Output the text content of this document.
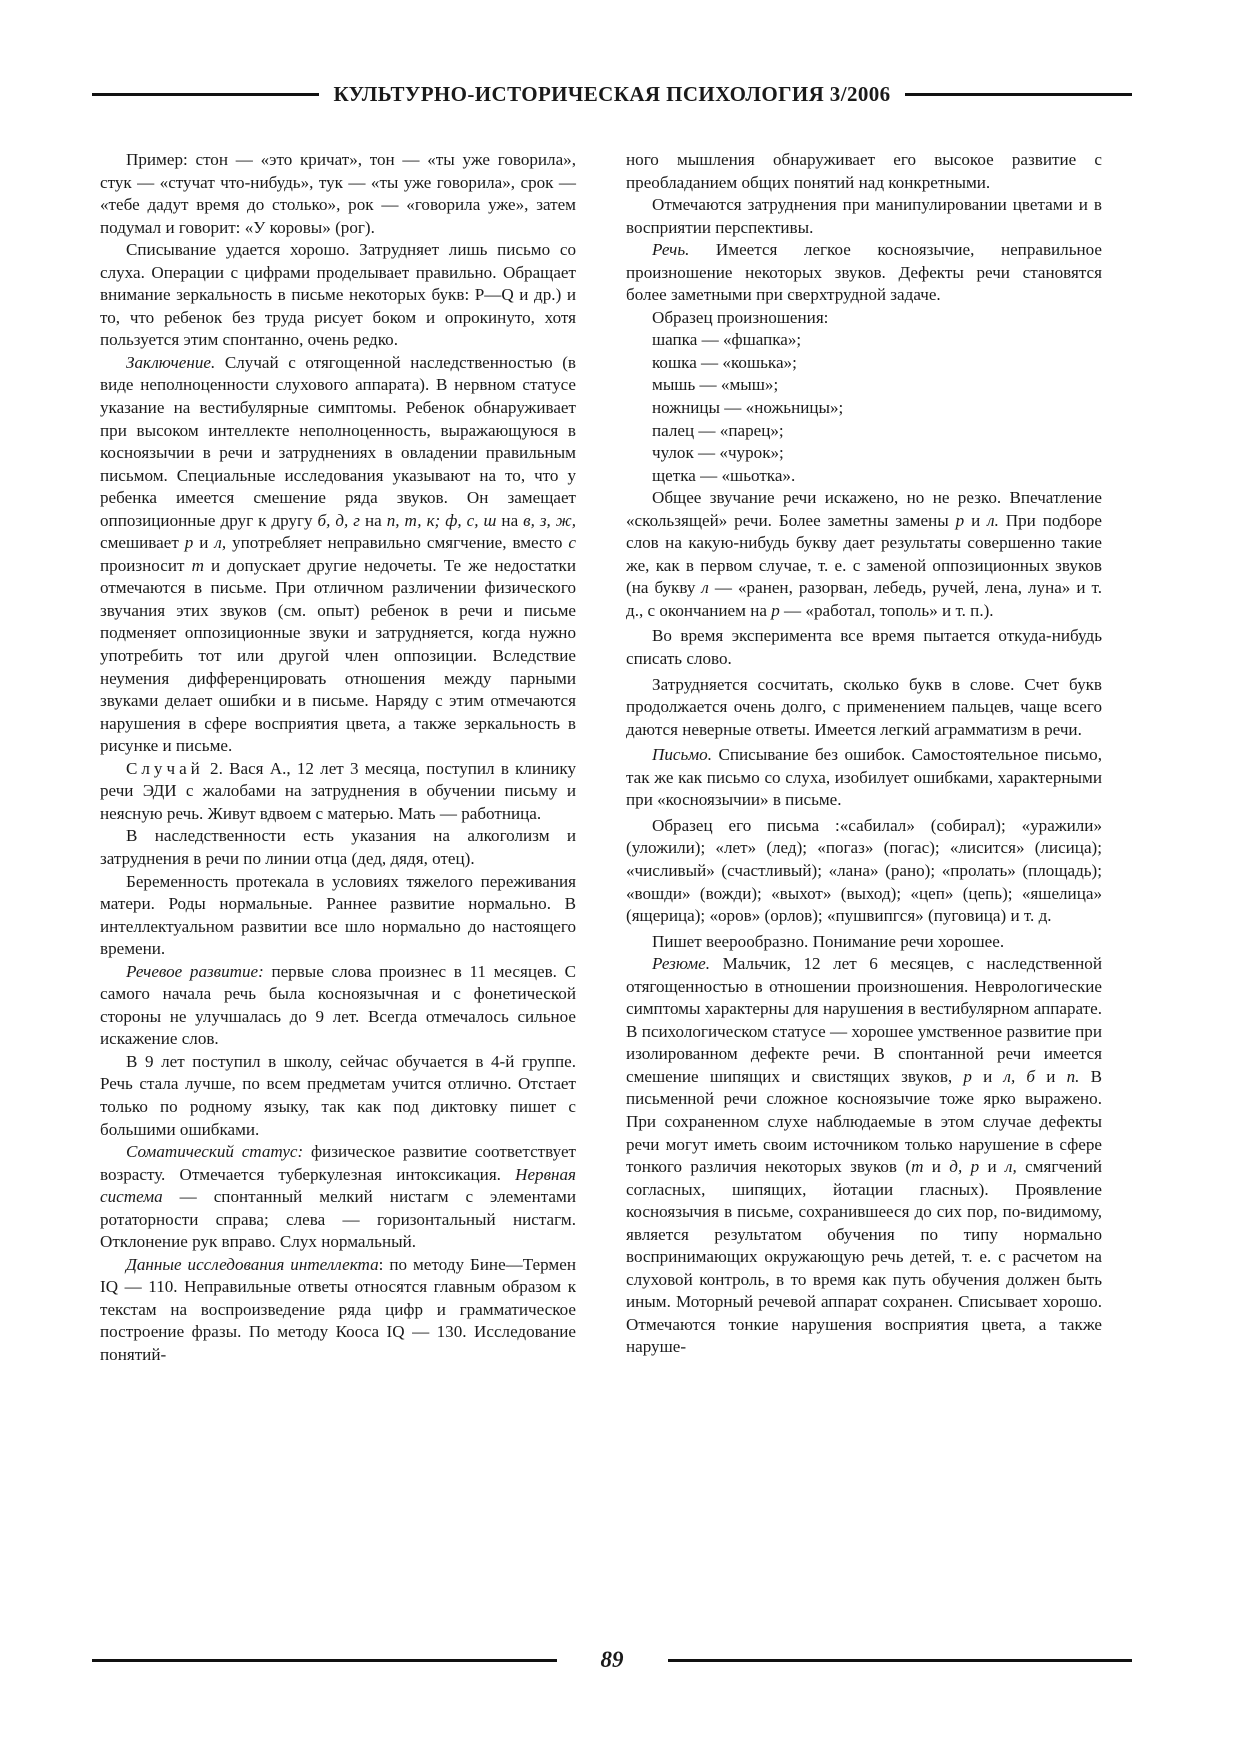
КУЛЬТУРНО-ИСТОРИЧЕСКАЯ ПСИХОЛОГИЯ 3/2006

Пример: стон — «это кричат», тон — «ты уже говорила», стук — «стучат что-нибудь», тук — «ты уже говорила», срок — «тебе дадут время до столько», рок — «говорила уже», затем подумал и говорит: «У коровы» (рог).

Списывание удается хорошо. Затрудняет лишь письмо со слуха. Операции с цифрами проделывает правильно. Обращает внимание зеркальность в письме некоторых букв: Р—Q и др.) и то, что ребенок без труда рисует боком и опрокинуто, хотя пользуется этим спонтанно, очень редко.

Заключение. Случай с отягощенной наследственностью (в виде неполноценности слухового аппарата). В нервном статусе указание на вестибулярные симптомы. Ребенок обнаруживает при высоком интеллекте неполноценность, выражающуюся в косноязычии в речи и затруднениях в овладении правильным письмом. Специальные исследования указывают на то, что у ребенка имеется смешение ряда звуков. Он замещает оппозиционные друг к другу б, д, г на п, т, к; ф, с, ш на в, з, ж, смешивает р и л, употребляет неправильно смягчение, вместо с произносит т и допускает другие недочеты. Те же недостатки отмечаются в письме. При отличном различении физического звучания этих звуков (см. опыт) ребенок в речи и письме подменяет оппозиционные звуки и затрудняется, когда нужно употребить тот или другой член оппозиции. Вследствие неумения дифференцировать отношения между парными звуками делает ошибки и в письме. Наряду с этим отмечаются нарушения в сфере восприятия цвета, а также зеркальность в рисунке и письме.

Случай 2. Вася А., 12 лет 3 месяца, поступил в клинику речи ЭДИ с жалобами на затруднения в обучении письму и неясную речь. Живут вдвоем с матерью. Мать — работница.

В наследственности есть указания на алкоголизм и затруднения в речи по линии отца (дед, дядя, отец).

Беременность протекала в условиях тяжелого переживания матери. Роды нормальные. Раннее развитие нормально. В интеллектуальном развитии все шло нормально до настоящего времени.

Речевое развитие: первые слова произнес в 11 месяцев. С самого начала речь была косноязычная и с фонетической стороны не улучшалась до 9 лет. Всегда отмечалось сильное искажение слов.

В 9 лет поступил в школу, сейчас обучается в 4-й группе. Речь стала лучше, по всем предметам учится отлично. Отстает только по родному языку, так как под диктовку пишет с большими ошибками.

Соматический статус: физическое развитие соответствует возрасту. Отмечается туберкулезная интоксикация. Нервная система — спонтанный мелкий нистагм с элементами ротаторности справа; слева — горизонтальный нистагм. Отклонение рук вправо. Слух нормальный.

Данные исследования интеллекта: по методу Бине—Термен IQ — 110. Неправильные ответы относятся главным образом к текстам на воспроизведение ряда цифр и грамматическое построение фразы. По методу Кооса IQ — 130. Исследование понятий-

ного мышления обнаруживает его высокое развитие с преобладанием общих понятий над конкретными.

Отмечаются затруднения при манипулировании цветами и в восприятии перспективы.

Речь. Имеется легкое косноязычие, неправильное произношение некоторых звуков. Дефекты речи становятся более заметными при сверхтрудной задаче.

Образец произношения:

шапка — «фшапка»;

кошка — «кошька»;

мышь — «мыш»;

ножницы — «ножьницы»;

палец — «парец»;

чулок — «чурок»;

щетка — «шьотка».

Общее звучание речи искажено, но не резко. Впечатление «скользящей» речи. Более заметны замены р и л. При подборе слов на какую-нибудь букву дает результаты совершенно такие же, как в первом случае, т. е. с заменой оппозиционных звуков (на букву л — «ранен, разорван, лебедь, ручей, лена, луна» и т. д., с окончанием на р — «работал, тополь» и т. п.).

Во время эксперимента все время пытается откуда-нибудь списать слово.

Затрудняется сосчитать, сколько букв в слове. Счет букв продолжается очень долго, с применением пальцев, чаще всего даются неверные ответы. Имеется легкий аграмматизм в речи.

Письмо. Списывание без ошибок. Самостоятельное письмо, так же как письмо со слуха, изобилует ошибками, характерными при «косноязычии» в письме.

Образец его письма :«сабилал» (собирал); «уражили» (уложили); «лет» (лед); «погаз» (погас); «лисится» (лисица); «числивый» (счастливый); «лана» (рано); «пролать» (площадь); «вошди» (вожди); «выхот» (выход); «цеп» (цепь); «яшелица» (ящерица); «оров» (орлов); «пушвипгся» (пуговица) и т. д.

Пишет веерообразно. Понимание речи хорошее.

Резюме. Мальчик, 12 лет 6 месяцев, с наследственной отягощенностью в отношении произношения. Неврологические симптомы характерны для нарушения в вестибулярном аппарате. В психологическом статусе — хорошее умственное развитие при изолированном дефекте речи. В спонтанной речи имеется смешение шипящих и свистящих звуков, р и л, б и п. В письменной речи сложное косноязычие тоже ярко выражено. При сохраненном слухе наблюдаемые в этом случае дефекты речи могут иметь своим источником только нарушение в сфере тонкого различия некоторых звуков (т и д, р и л, смягчений согласных, шипящих, йотации гласных). Проявление косноязычия в письме, сохранившееся до сих пор, по-видимому, является результатом обучения по типу нормально воспринимающих окружающую речь детей, т. е. с расчетом на слуховой контроль, в то время как путь обучения должен быть иным. Моторный речевой аппарат сохранен. Списывает хорошо. Отмечаются тонкие нарушения восприятия цвета, а также наруше-

89
